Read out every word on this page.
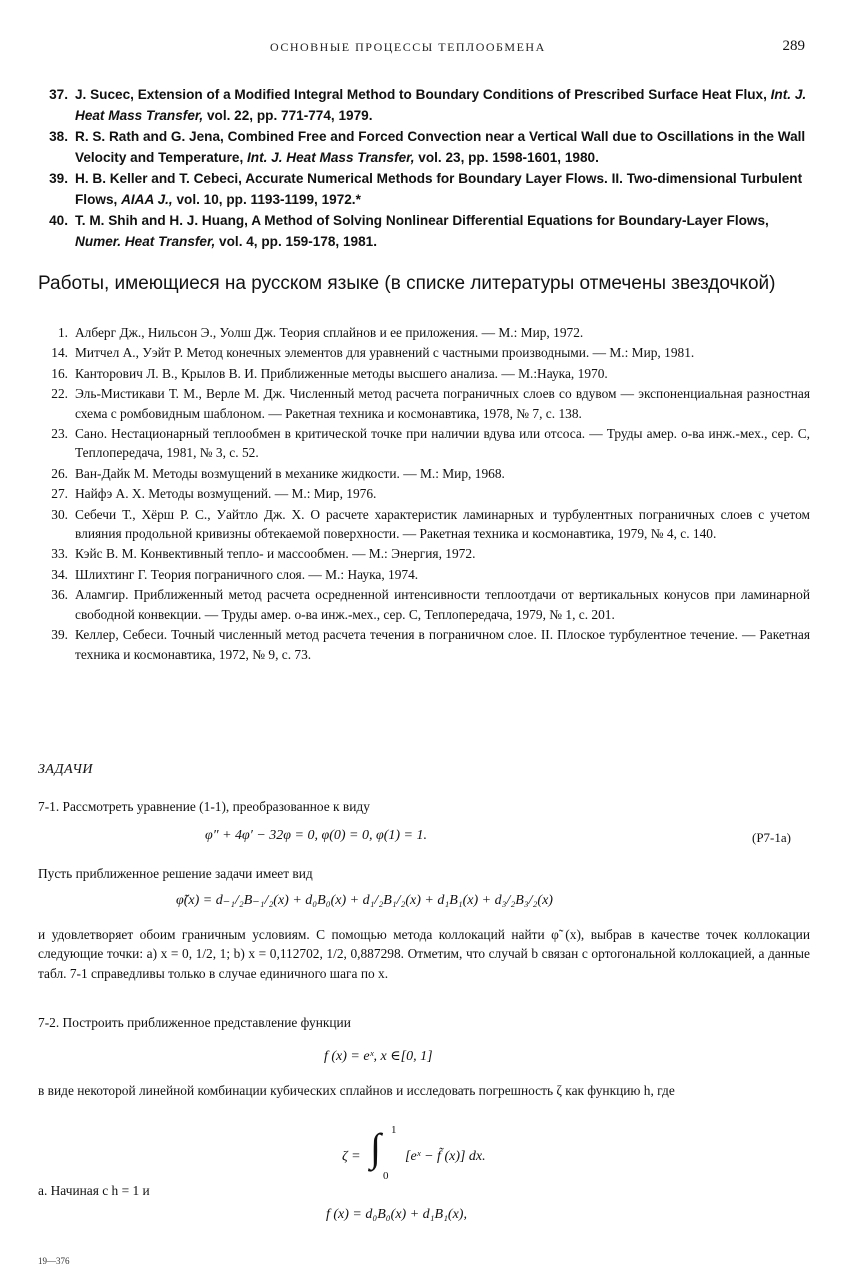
ОСНОВНЫЕ ПРОЦЕССЫ ТЕПЛООБМЕНА	289
37. J. Sucec, Extension of a Modified Integral Method to Boundary Conditions of Prescribed Surface Heat Flux, Int. J. Heat Mass Transfer, vol. 22, pp. 771-774, 1979.
38. R. S. Rath and G. Jena, Combined Free and Forced Convection near a Vertical Wall due to Oscillations in the Wall Velocity and Temperature, Int. J. Heat Mass Transfer, vol. 23, pp. 1598-1601, 1980.
39. H. B. Keller and T. Cebeci, Accurate Numerical Methods for Boundary Layer Flows. II. Two-dimensional Turbulent Flows, AIAA J., vol. 10, pp. 1193-1199, 1972.*
40. T. M. Shih and H. J. Huang, A Method of Solving Nonlinear Differential Equations for Boundary-Layer Flows, Numer. Heat Transfer, vol. 4, pp. 159-178, 1981.
Работы, имеющиеся на русском языке (в списке литературы отмечены звездочкой)
1. Алберг Дж., Нильсон Э., Уолш Дж. Теория сплайнов и ее приложения. — М.: Мир, 1972.
14. Митчел А., Уэйт Р. Метод конечных элементов для уравнений с частными производными. — М.: Мир, 1981.
16. Канторович Л. В., Крылов В. И. Приближенные методы высшего анализа. — М.:Наука, 1970.
22. Эль-Мистикави Т. М., Верле М. Дж. Численный метод расчета пограничных слоев со вдувом — экспоненциальная разностная схема с ромбовидным шаблоном. — Ракетная техника и космонавтика, 1978, № 7, с. 138.
23. Сано. Нестационарный теплообмен в критической точке при наличии вдува или отсоса. — Труды амер. о-ва инж.-мех., сер. С, Теплопередача, 1981, № 3, с. 52.
26. Ван-Дайк М. Методы возмущений в механике жидкости. — М.: Мир, 1968.
27. Найфэ А. Х. Методы возмущений. — М.: Мир, 1976.
30. Себечи Т., Хёрш Р. С., Уайтло Дж. Х. О расчете характеристик ламинарных и турбулентных пограничных слоев с учетом влияния продольной кривизны обтекаемой поверхности. — Ракетная техника и космонавтика, 1979, № 4, с. 140.
33. Кэйс В. М. Конвективный тепло- и массообмен. — М.: Энергия, 1972.
34. Шлихтинг Г. Теория пограничного слоя. — М.: Наука, 1974.
36. Аламгир. Приближенный метод расчета осредненной интенсивности теплоотдачи от вертикальных конусов при ламинарной свободной конвекции. — Труды амер. о-ва инж.-мех., сер. С, Теплопередача, 1979, № 1, с. 201.
39. Келлер, Себеси. Точный численный метод расчета течения в пограничном слое. II. Плоское турбулентное течение. — Ракетная техника и космонавтика, 1972, № 9, с. 73.
ЗАДАЧИ
7-1. Рассмотреть уравнение (1-1), преобразованное к виду
φ″ + 4φ′ − 32φ = 0, φ(0) = 0, φ(1) = 1.	(P7-1a)
Пусть приближенное решение задачи имеет вид
φ̃(x) = d₋₁/₂B₋₁/₂(x) + d₀B₀(x) + d₁/₂B₁/₂(x) + d₁B₁(x) + d₃/₂B₃/₂(x)
и удовлетворяет обоим граничным условиям. С помощью метода коллокаций найти φ̃ (x), выбрав в качестве точек коллокации следующие точки: a) x = 0, 1/2, 1; b) x = 0,112702, 1/2, 0,887298. Отметим, что случай b связан с ортогональной коллокацией, а данные табл. 7-1 справедливы только в случае единичного шага по x.
7-2. Построить приближенное представление функции
f (x) = eˣ, x ∈[0, 1]
в виде некоторой линейной комбинации кубических сплайнов и исследовать погрешность ζ как функцию h, где
ζ = ∫ 1
0
[eˣ − f̃ (x)] dx.
a. Начиная с h = 1 и
f (x) = d₀B₀(x) + d₁B₁(x),
19—376
